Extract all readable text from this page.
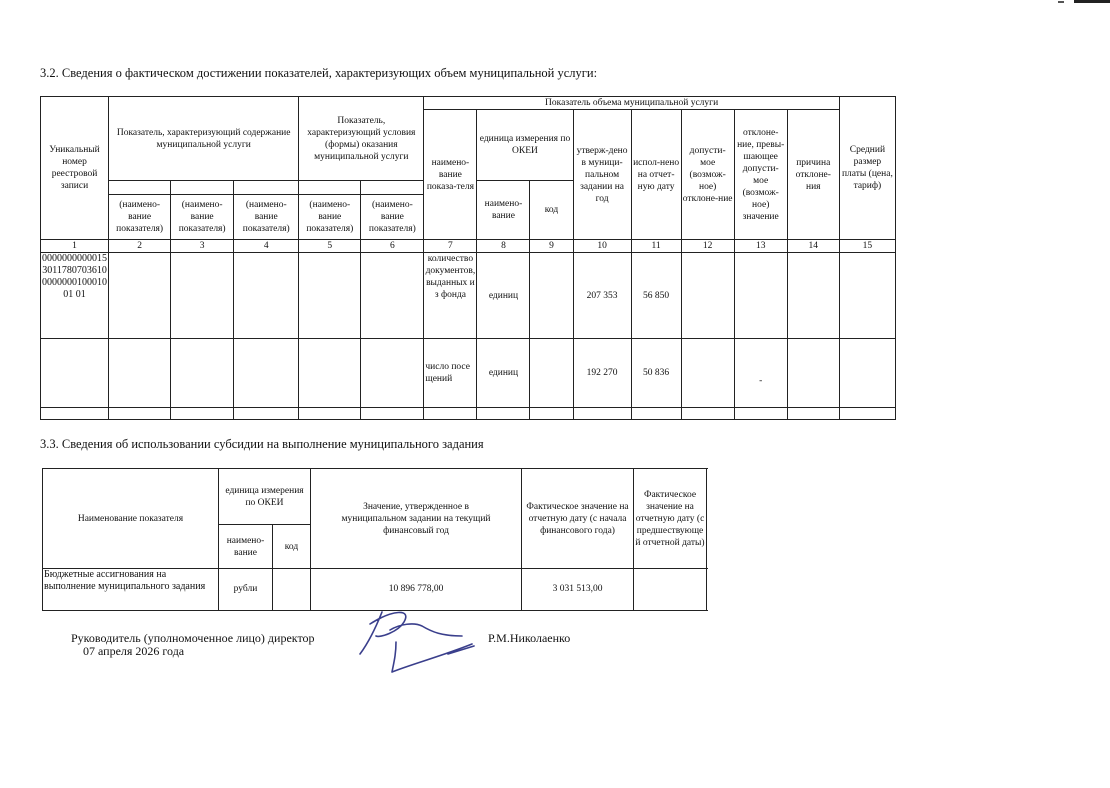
3.2. Сведения о фактическом достижении показателей, характеризующих объем муниципальной услуги:
Уникальный номер реестровой записи	Показатель, характеризующий содержание муниципальной услуги			Показатель, характеризующий условия (формы) оказания муниципальной услуги		Показатель объема муниципальной услуги								Средний размер платы (цена, тариф)
						наимено-вание показа-теля	единица измерения по ОКЕИ		утверж-дено в муници-пальном задании на год	испол-нено на отчет-ную дату	допусти-мое (возмож-ное) отклоне-ние	отклоне-ние, превы-шающее допусти-мое (возмож-ное) значение	причина отклоне-ния	
							наимено-вание	код						
	(наимено-вание показателя)	(наимено-вание показателя)	(наимено-вание показателя)	(наимено-вание показателя)	(наимено-вание показателя)									
1	2	3	4	5	6	7	8	9	10	11	12	13	14	15
00000000000153011780703610000000010001001 01						количество документов, выданных из фонда	единиц		207 353	56 850				
						число посещений	единиц		192 270	50 836		-		

3.3. Сведения об использовании субсидии на выполнение муниципального задания
Наименование показателя	единица измерения по ОКЕИ		Значение, утвержденное в муниципальном задании на текущий финансовый год	Фактическое значение на отчетную дату (с начала финансового года)	Фактическое значение на отчетную дату (с предшествующей отчетной даты)
	наимено-вание	код			
Бюджетные ассигнования на выполнение муниципального задания	рубли		10 896 778,00	3 031 513,00	
Руководитель (уполномоченное лицо) директор
07 апреля 2026 года
Р.М.Николаенко
